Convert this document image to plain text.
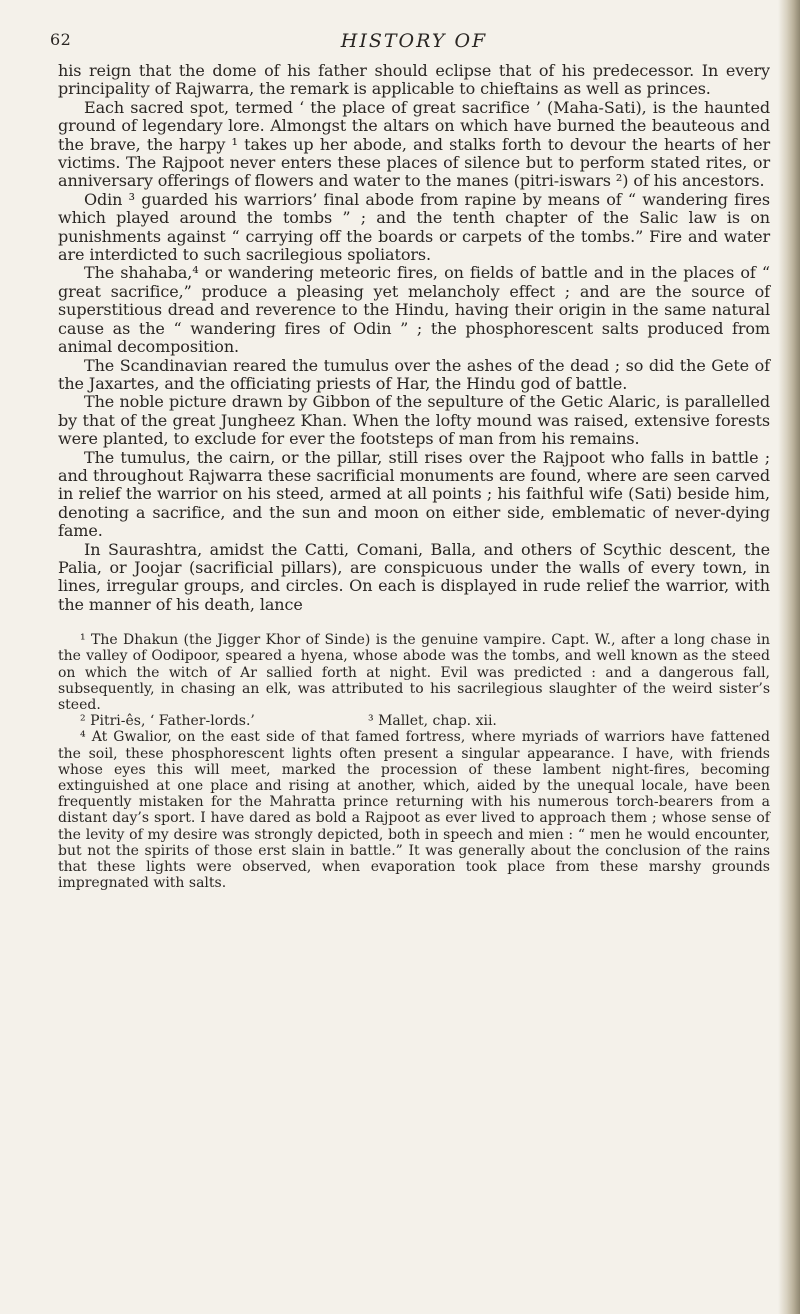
62	HISTORY OF

his reign that the dome of his father should eclipse that of his predecessor. In every principality of Rajwarra, the remark is applicable to chieftains as well as princes.

Each sacred spot, termed ‘ the place of great sacrifice ’ (Maha-Sati), is the haunted ground of legendary lore. Almongst the altars on which have burned the beauteous and the brave, the harpy ¹ takes up her abode, and stalks forth to devour the hearts of her victims. The Rajpoot never enters these places of silence but to perform stated rites, or anniversary offerings of flowers and water to the manes (pitri-iswars ²) of his ancestors.

Odin ³ guarded his warriors’ final abode from rapine by means of “ wandering fires which played around the tombs ” ; and the tenth chapter of the Salic law is on punishments against “ carrying off the boards or carpets of the tombs.” Fire and water are interdicted to such sacrilegious spoliators.

The shahaba,⁴ or wandering meteoric fires, on fields of battle and in the places of “ great sacrifice,” produce a pleasing yet melancholy effect ; and are the source of superstitious dread and reverence to the Hindu, having their origin in the same natural cause as the “ wandering fires of Odin ” ; the phosphorescent salts produced from animal decomposition.

The Scandinavian reared the tumulus over the ashes of the dead ; so did the Gete of the Jaxartes, and the officiating priests of Har, the Hindu god of battle.

The noble picture drawn by Gibbon of the sepulture of the Getic Alaric, is parallelled by that of the great Jungheez Khan. When the lofty mound was raised, extensive forests were planted, to exclude for ever the footsteps of man from his remains.

The tumulus, the cairn, or the pillar, still rises over the Rajpoot who falls in battle ; and throughout Rajwarra these sacrificial monuments are found, where are seen carved in relief the warrior on his steed, armed at all points ; his faithful wife (Sati) beside him, denoting a sacrifice, and the sun and moon on either side, emblematic of never-dying fame.

In Saurashtra, amidst the Catti, Comani, Balla, and others of Scythic descent, the Palia, or Joojar (sacrificial pillars), are conspicuous under the walls of every town, in lines, irregular groups, and circles. On each is displayed in rude relief the warrior, with the manner of his death, lance

¹ The Dhakun (the Jigger Khor of Sinde) is the genuine vampire. Capt. W., after a long chase in the valley of Oodipoor, speared a hyena, whose abode was the tombs, and well known as the steed on which the witch of Ar sallied forth at night. Evil was predicted : and a dangerous fall, subsequently, in chasing an elk, was attributed to his sacrilegious slaughter of the weird sister’s steed.

² Pitri-ês, ‘ Father-lords.’	³ Mallet, chap. xii.

⁴ At Gwalior, on the east side of that famed fortress, where myriads of warriors have fattened the soil, these phosphorescent lights often present a singular appearance. I have, with friends whose eyes this will meet, marked the procession of these lambent night-fires, becoming extinguished at one place and rising at another, which, aided by the unequal locale, have been frequently mistaken for the Mahratta prince returning with his numerous torch-bearers from a distant day’s sport. I have dared as bold a Rajpoot as ever lived to approach them ; whose sense of the levity of my desire was strongly depicted, both in speech and mien : “ men he would encounter, but not the spirits of those erst slain in battle.” It was generally about the conclusion of the rains that these lights were observed, when evaporation took place from these marshy grounds impregnated with salts.
